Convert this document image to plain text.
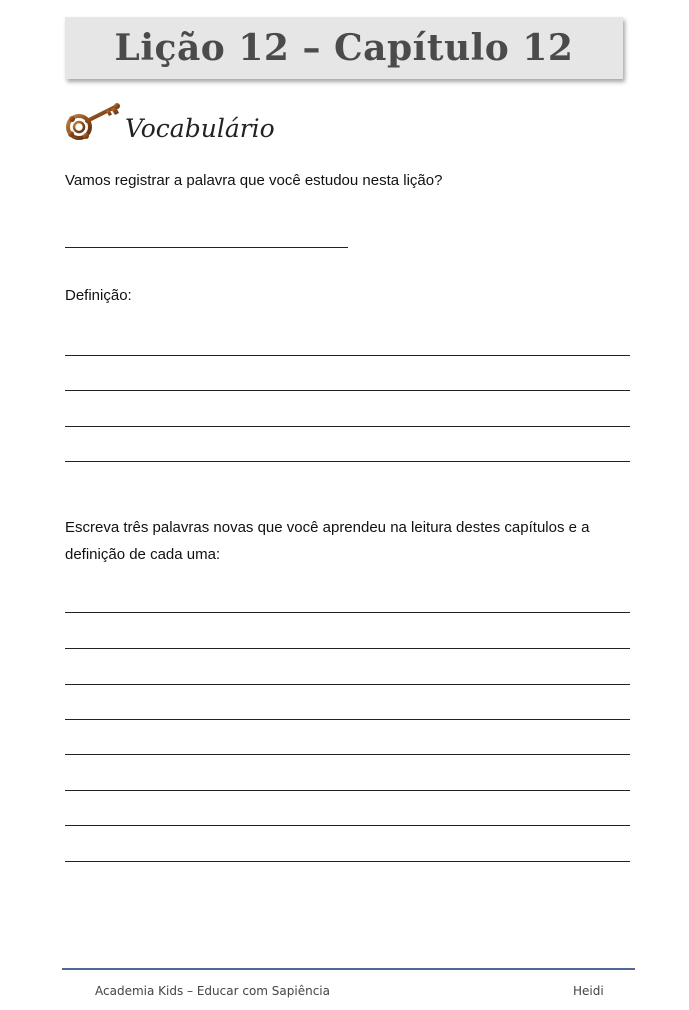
Lição 12 – Capítulo 12
Vocabulário
Vamos registrar a palavra que você estudou nesta lição?
Definição:
Escreva três palavras novas que você aprendeu na leitura destes capítulos e a definição de cada uma:
Academia Kids – Educar com Sapiência	Heidi
